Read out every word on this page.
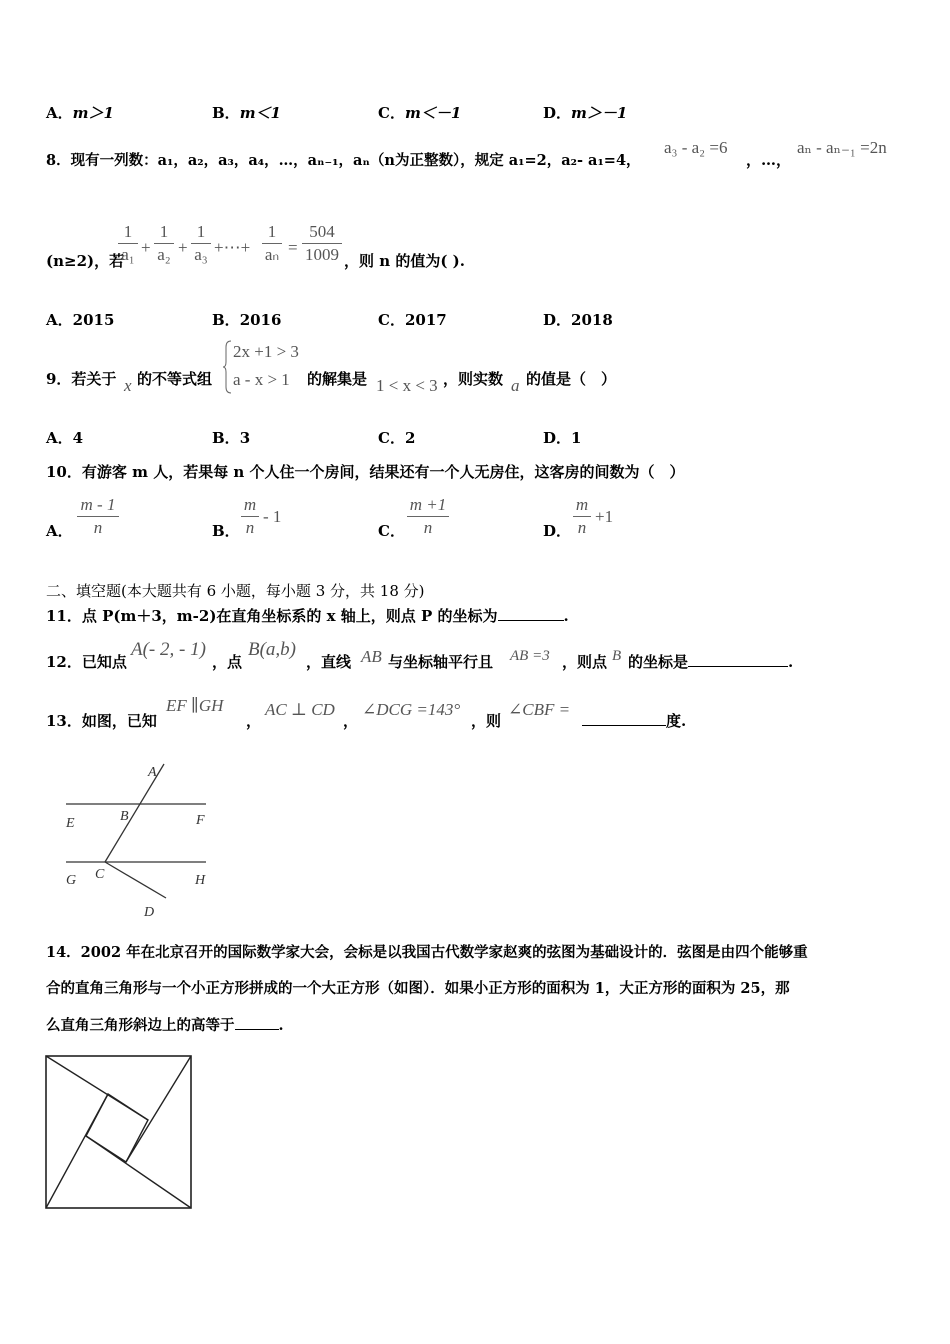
A．m＞1	B．m＜1	C．m＜－1	D．m＞－1
8．现有一列数：a₁，a₂，a₃，a₄，…，aₙ₋₁，aₙ（n为正整数），规定 a₁=2，a₂- a₁=4，
a₃ - a₂ =6
，…，
aₙ - aₙ₋₁ =2n
(n≥2)，若
1
a₁ +
1
a₂ +
1
a₃ +⋯+
1
aₙ =
504
1009 ，则 n 的值为( ).
A．2015	B．2016	C．2017	D．2018
9．若关于 x 的不等式组
2x +1 > 3
a - x > 1 的解集是 1 < x < 3 ，则实数 a 的值是（　）
A．4	B．3	C．2	D．1
10．有游客 m 人，若果每 n 个人住一个房间，结果还有一个人无房住，这客房的间数为（　）
A．
m - 1
n	B．
m
n
- 1
C．
m +1
n	D．
m
n
+1
二、填空题(本大题共有 6 小题，每小题 3 分，共 18 分)
11．点 P(m＋3，m-2)在直角坐标系的 x 轴上，则点 P 的坐标为	.
12．已知点
A(- 2, - 1)
，点
B(a,b)
，直线 AB 与坐标轴平行且 AB =3 ，则点 B 的坐标是	.
13．如图，已知
EF ∥GH
，
AC ⊥ CD
，
∠DCG =143°
，则
∠CBF =
度.
A
B
E	F
G C	H
D
14．2002 年在北京召开的国际数学家大会，会标是以我国古代数学家赵爽的弦图为基础设计的．弦图是由四个能够重
合的直角三角形与一个小正方形拼成的一个大正方形（如图）．如果小正方形的面积为 1，大正方形的面积为 25，那
么直角三角形斜边上的高等于	.
